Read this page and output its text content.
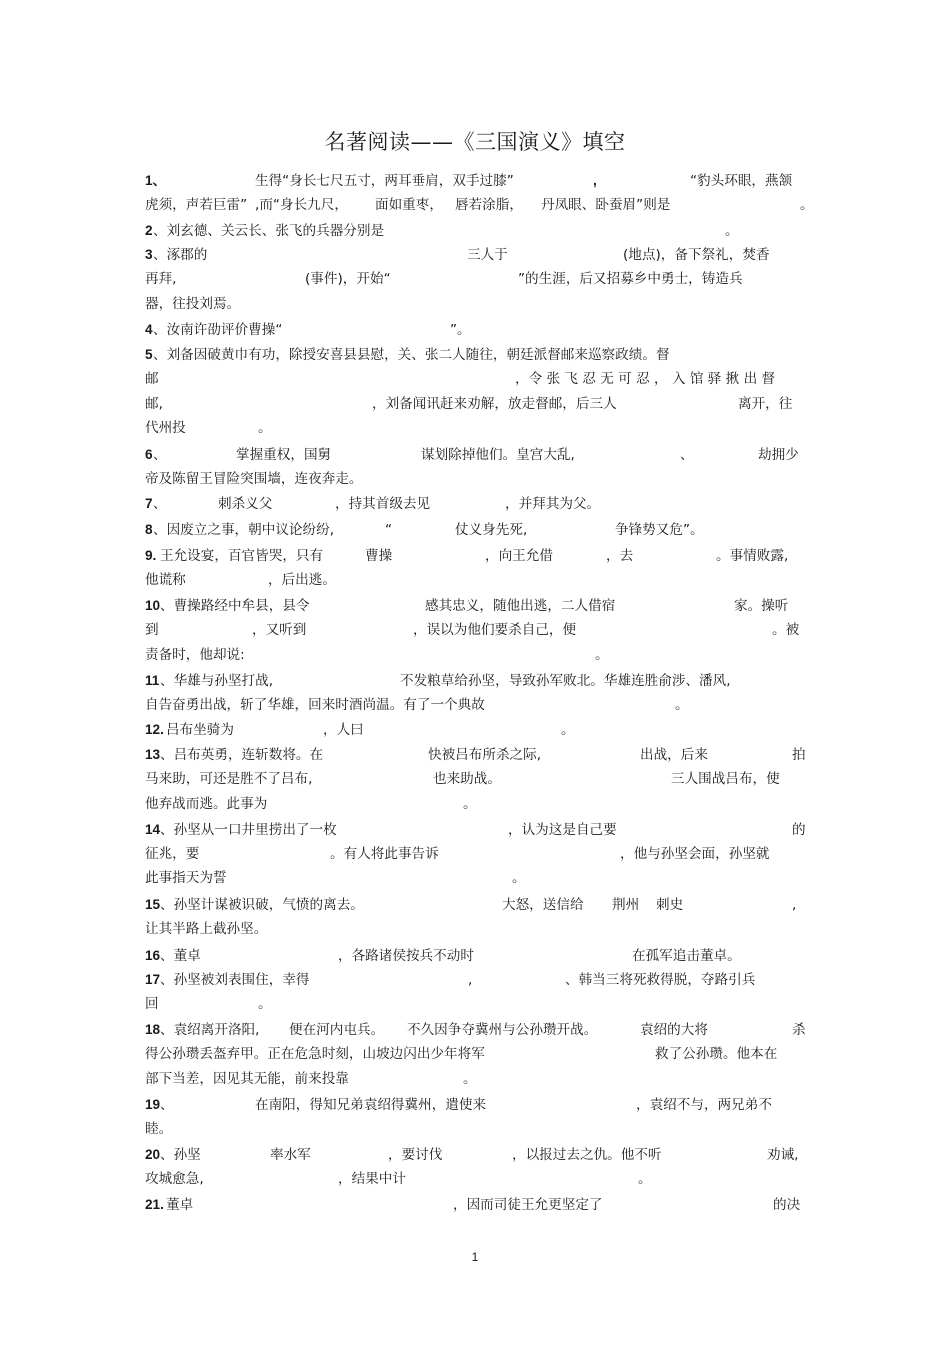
名著阅读——《三国演义》填空
1、	生得“身长七尺五寸，两耳垂肩，双手过膝”	,	“豹头环眼，燕颔
虎须，声若巨雷” ,而“身长九尺， 面如重枣， 唇若涂脂， 丹凤眼、卧蚕眉”则是	。
2 、刘玄德、关云长、张飞的兵器分别是	。
3 、涿郡的	三人于	(地点)，备下祭礼，焚香
再拜,	(事件)，开始“	”的生涯，后又招募乡中勇士，铸造兵
器，往投刘焉。
4 、汝南许劭评价曹操“	”。
5 、刘备因破黄巾有功，除授安喜县县慰，关、张二人随往，朝廷派督邮来巡察政绩。督
邮	，令 张 飞 忍 无 可 忍 ， 入 馆 驿 揪 出 督
邮,	，刘备闻讯赶来劝解，放走督邮，后三人	离开，往
代州投	。
6 、	掌握重权，国舅	谋划除掉他们。皇宫大乱,	、	劫拥少
帝及陈留王冒险突围墙，连夜奔走。
7 、	刺杀义父	，持其首级去见	，并拜其为父。
8 、因废立之事，朝中议论纷纷,	“	仗义身先死,	争锋势又危”。
9. 王允设宴，百官皆哭，只有	曹操	，向王允借	，去	。事情败露,
他谎称	，后出逃。
10 、曹操路经中牟县，县令	感其忠义，随他出逃，二人借宿	家。操听
到	，又听到	，误以为他们要杀自己，便	。被
责备时，他却说:	。
11 、华雄与孙坚打战,	不发粮草给孙坚，导致孙军败北。华雄连胜俞涉、潘风,
自告奋勇出战，斩了华雄，回来时酒尚温。有了一个典故	。
12. 吕布坐骑为	，人曰	。
13 、吕布英勇，连斩数将。在	快被吕布所杀之际,	出战，后来	拍
马来助，可还是胜不了吕布,	也来助战。	三人围战吕布，使
他弃战而逃。此事为	。
14 、孙坚从一口井里捞出了一枚	，认为这是自己要	的
征兆，要	。有人将此事告诉	，他与孙坚会面，孙坚就
此事指天为誓	。
15 、孙坚计谋被识破，气愤的离去。	大怒，送信给 荆州 刺史	,
让其半路上截孙坚。
16 、董卓	，各路诸侯按兵不动时	在孤军追击董卓。
17 、孙坚被刘表围住，幸得	,	、韩当三将死救得脱，夺路引兵
回	。
18 、袁绍离开洛阳, 便在河内屯兵。 不久因争夺冀州与公孙瓒开战。	袁绍的大将	杀
得公孙瓒丢盔弃甲。正在危急时刻，山坡边闪出少年将军	救了公孙瓒。他本在
部下当差，因见其无能，前来投靠	。
19 、	在南阳，得知兄弟袁绍得冀州，遣使来	，袁绍不与，两兄弟不
睦。
20 、孙坚	率水军	，要讨伐	，以报过去之仇。他不听	劝诫,
攻城愈急,	，结果中计	。
21. 董卓	，因而司徒王允更坚定了	的决
1
